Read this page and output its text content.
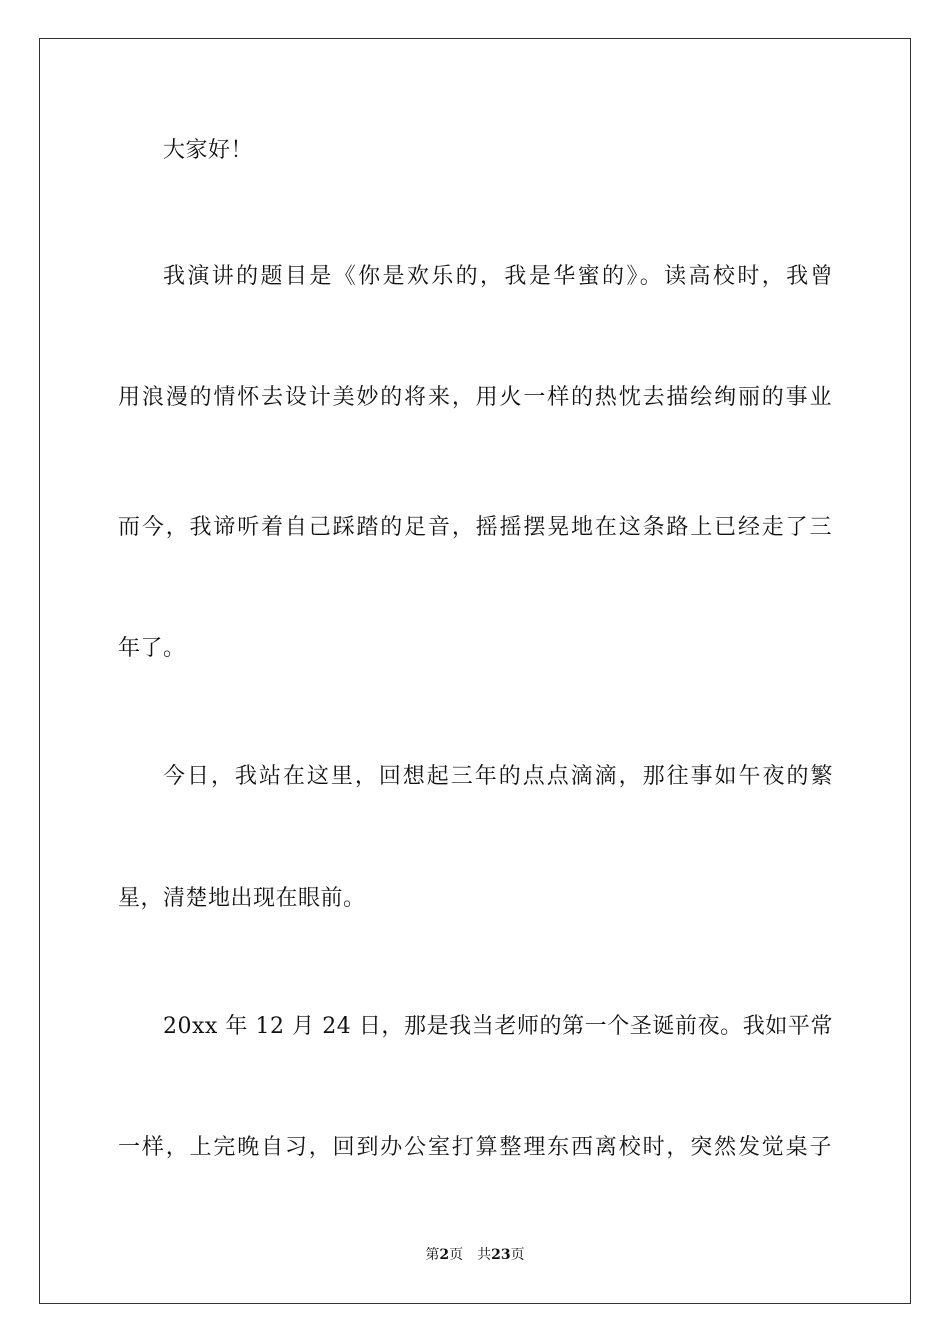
大家好！
我演讲的题目是《你是欢乐的，我是华蜜的》。读高校时，我曾
用浪漫的情怀去设计美妙的将来，用火一样的热忱去描绘绚丽的事业
而今，我谛听着自己踩踏的足音，摇摇摆晃地在这条路上已经走了三
年了。
今日，我站在这里，回想起三年的点点滴滴，那往事如午夜的繁
星，清楚地出现在眼前。
20xx 年 12 月 24 日，那是我当老师的第一个圣诞前夜。我如平常
一样，上完晚自习，回到办公室打算整理东西离校时，突然发觉桌子
第2页 共23页
